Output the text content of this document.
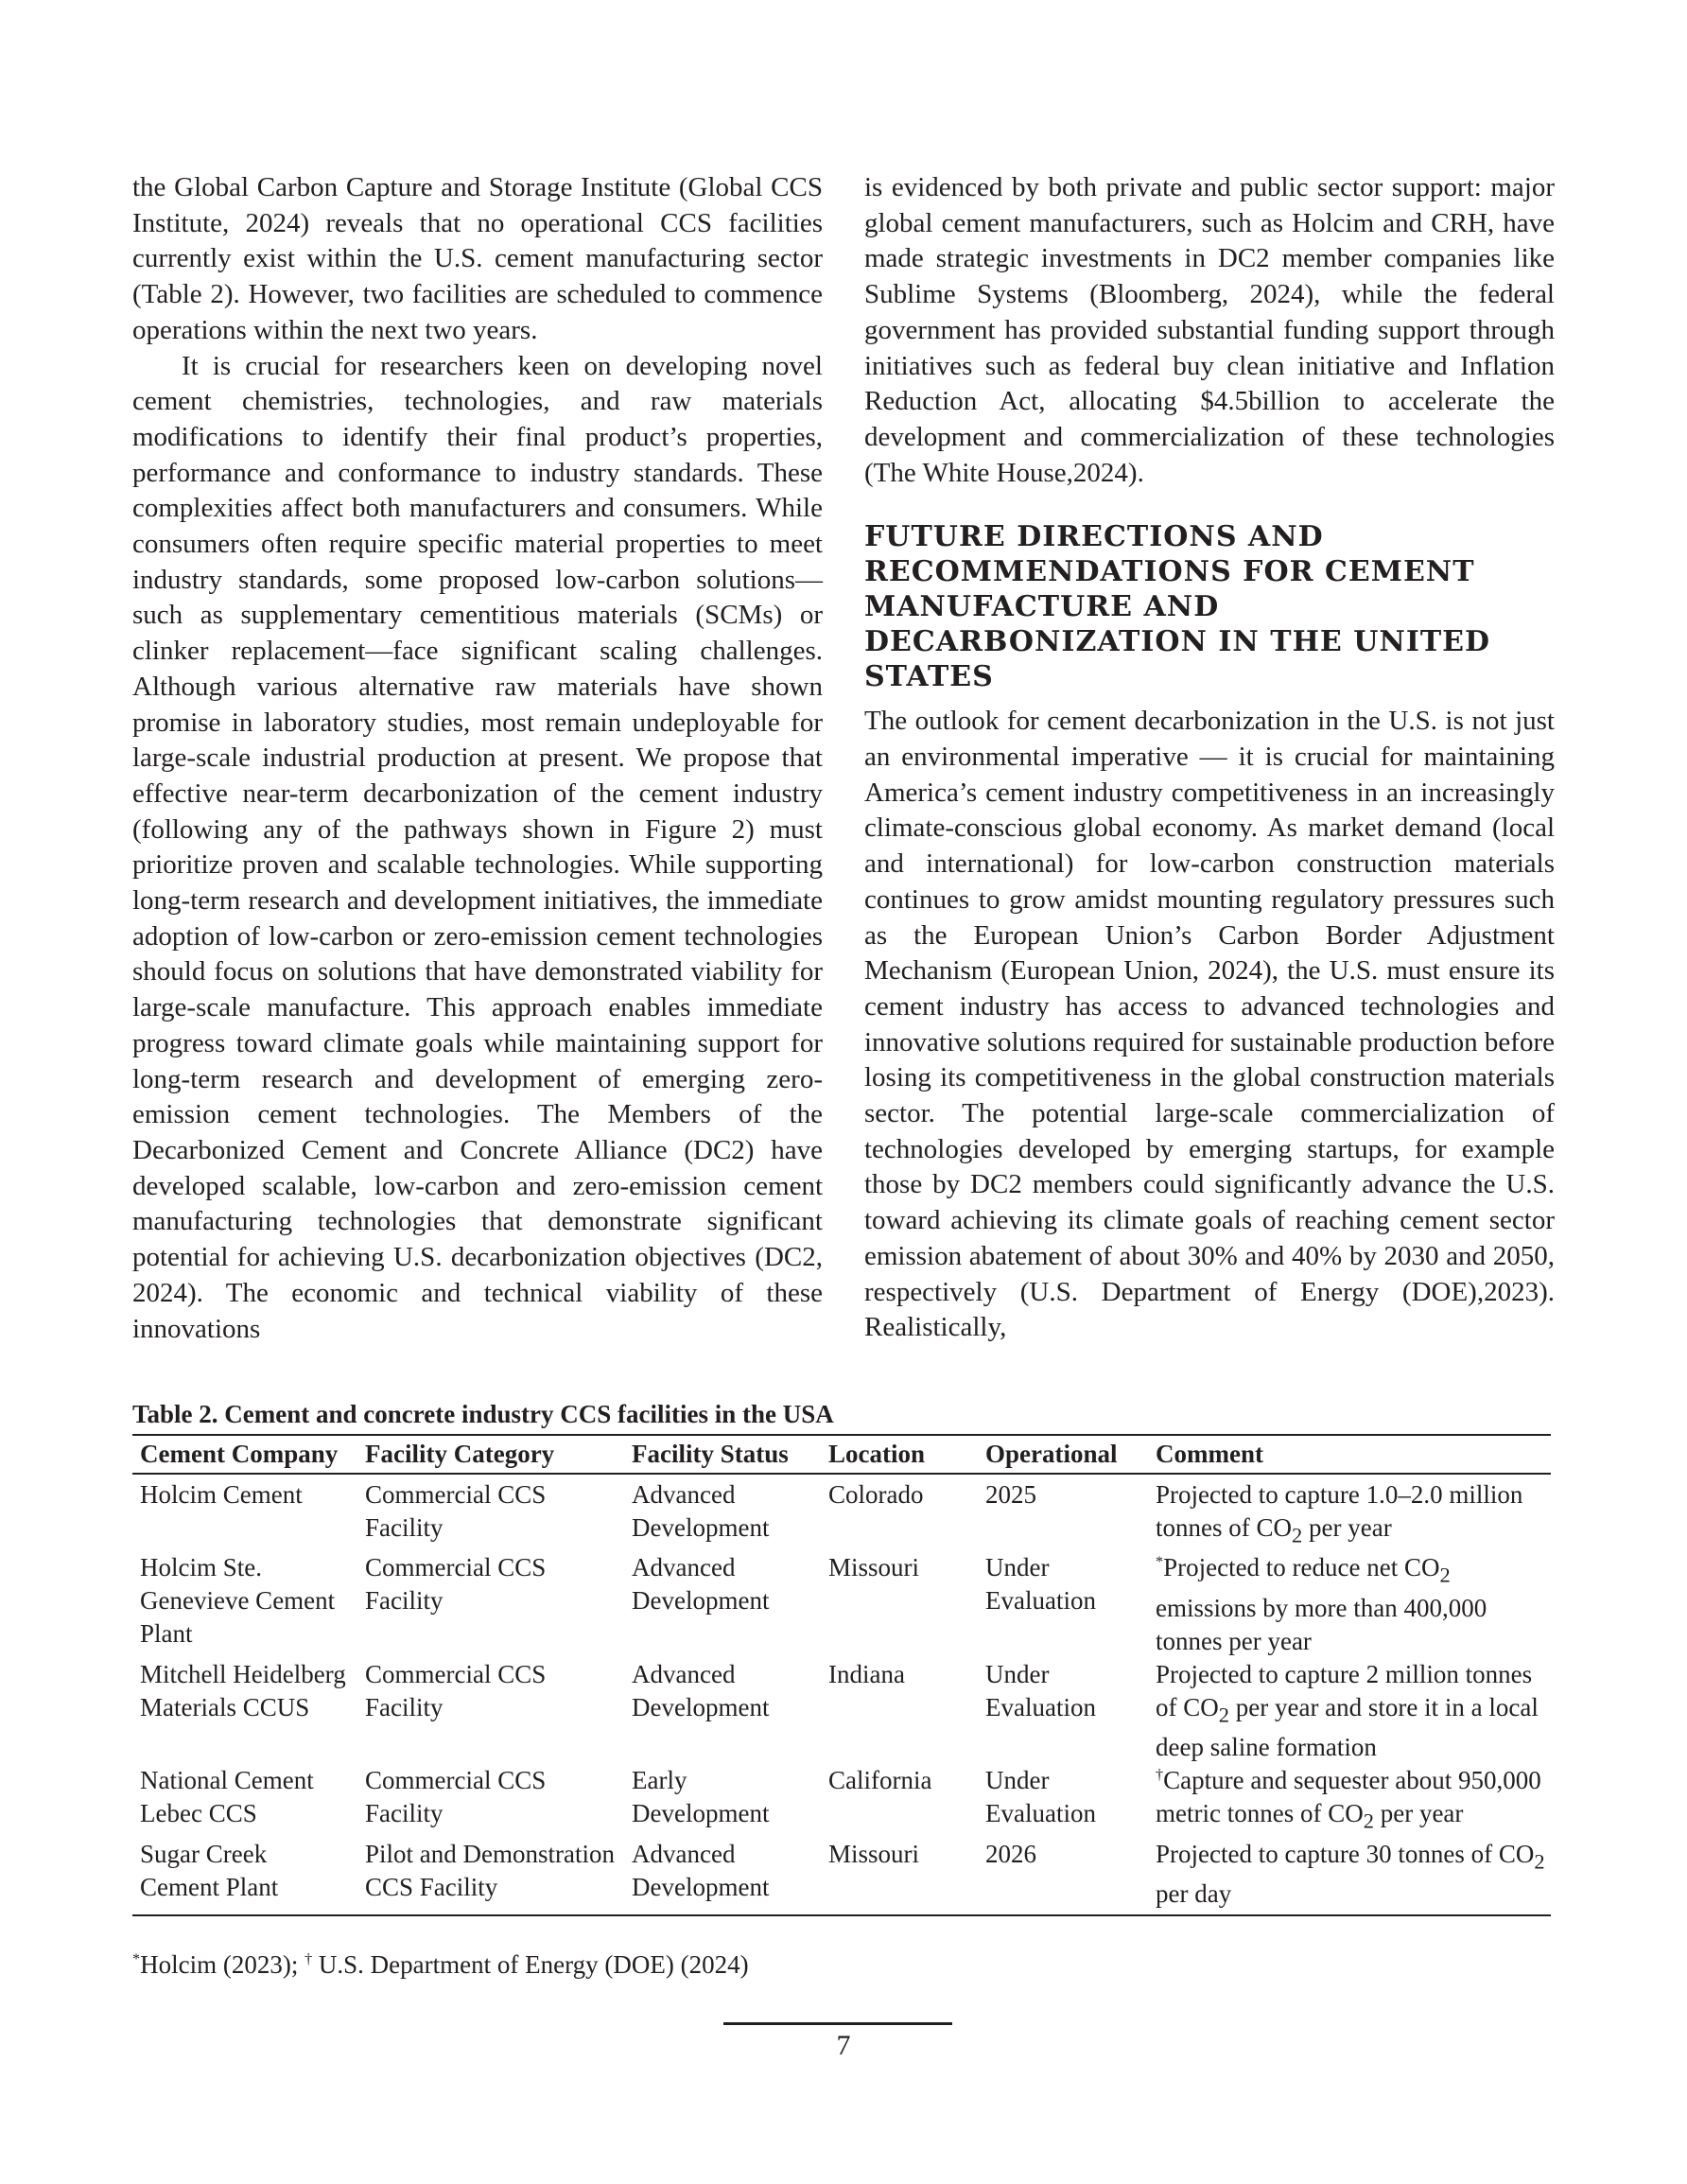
the Global Carbon Capture and Storage Institute (Global CCS Institute, 2024) reveals that no operational CCS facilities currently exist within the U.S. cement manufacturing sector (Table 2). However, two facilities are scheduled to commence operations within the next two years.

It is crucial for researchers keen on developing novel cement chemistries, technologies, and raw materials modifications to identify their final product’s properties, performance and conformance to industry standards. These complexities affect both manufacturers and consumers. While consumers often require specific material properties to meet industry standards, some proposed low-carbon solutions—such as supplementary cementitious materials (SCMs) or clinker replacement—face significant scaling challenges. Although various alternative raw materials have shown promise in laboratory studies, most remain undeployable for large-scale industrial production at present. We propose that effective near-term decarbonization of the cement industry (following any of the pathways shown in Figure 2) must prioritize proven and scalable technologies. While supporting long-term research and development initiatives, the immediate adoption of low-carbon or zero-emission cement technologies should focus on solutions that have demonstrated viability for large-scale manufacture. This approach enables immediate progress toward climate goals while maintaining support for long-term research and development of emerging zero-emission cement technologies. The Members of the Decarbonized Cement and Concrete Alliance (DC2) have developed scalable, low-carbon and zero-emission cement manufacturing technologies that demonstrate significant potential for achieving U.S. decarbonization objectives (DC2, 2024). The economic and technical viability of these innovations

is evidenced by both private and public sector support: major global cement manufacturers, such as Holcim and CRH, have made strategic investments in DC2 member companies like Sublime Systems (Bloomberg, 2024), while the federal government has provided substantial funding support through initiatives such as federal buy clean initiative and Inflation Reduction Act, allocating $4.5billion to accelerate the development and commercialization of these technologies (The White House,2024).

FUTURE DIRECTIONS AND RECOMMENDATIONS FOR CEMENT MANUFACTURE AND DECARBONIZATION IN THE UNITED STATES

The outlook for cement decarbonization in the U.S. is not just an environmental imperative — it is crucial for maintaining America’s cement industry competitiveness in an increasingly climate-conscious global economy. As market demand (local and international) for low-carbon construction materials continues to grow amidst mounting regulatory pressures such as the European Union’s Carbon Border Adjustment Mechanism (European Union, 2024), the U.S. must ensure its cement industry has access to advanced technologies and innovative solutions required for sustainable production before losing its competitiveness in the global construction materials sector. The potential large-scale commercialization of technologies developed by emerging startups, for example those by DC2 members could significantly advance the U.S. toward achieving its climate goals of reaching cement sector emission abatement of about 30% and 40% by 2030 and 2050, respectively (U.S. Department of Energy (DOE),2023). Realistically,

Table 2. Cement and concrete industry CCS facilities in the USA
Cement Company	Facility Category	Facility Status	Location	Operational	Comment
Holcim Cement	Commercial CCS Facility	Advanced Development	Colorado	2025	Projected to capture 1.0–2.0 million tonnes of $CO_2$ per year
Holcim Ste. Genevieve Cement Plant	Commercial CCS Facility	Advanced Development	Missouri	Under Evaluation	*Projected to reduce net $CO_2$ emissions by more than 400,000 tonnes per year
Mitchell Heidelberg Materials CCUS	Commercial CCS Facility	Advanced Development	Indiana	Under Evaluation	Projected to capture 2 million tonnes of $CO_2$ per year and store it in a local deep saline formation
National Cement Lebec CCS	Commercial CCS Facility	Early Development	California	Under Evaluation	†Capture and sequester about 950,000 metric tonnes of $CO_2$ per year
Sugar Creek Cement Plant	Pilot and Demonstration CCS Facility	Advanced Development	Missouri	2026	Projected to capture 30 tonnes of $CO_2$ per day
*Holcim (2023); † U.S. Department of Energy (DOE) (2024)
7
